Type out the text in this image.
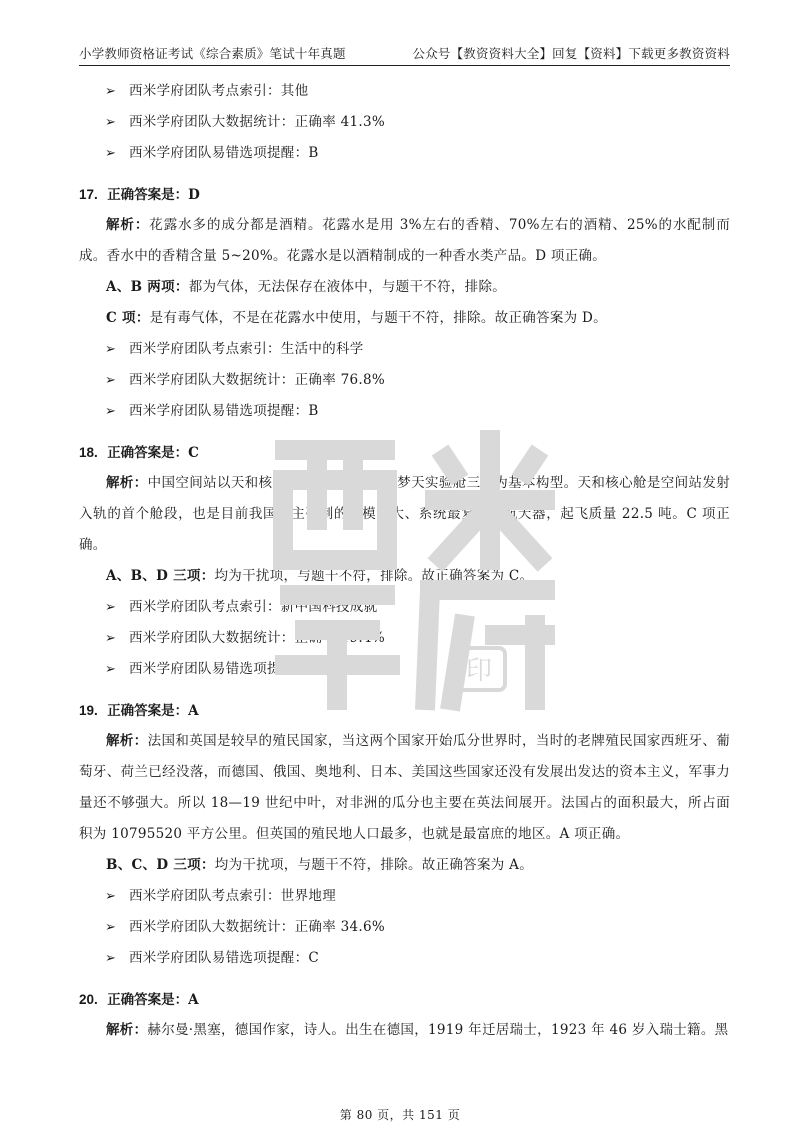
小学教师资格证考试《综合素质》笔试十年真题	公众号【教资资料大全】回复【资料】下载更多教资资料
➢ 西米学府团队考点索引：其他
➢ 西米学府团队大数据统计：正确率 41.3%
➢ 西米学府团队易错选项提醒：B
17. 正确答案是：D
解析：花露水多的成分都是酒精。花露水是用 3%左右的香精、70%左右的酒精、25%的水配制而成。香水中的香精含量 5~20%。花露水是以酒精制成的一种香水类产品。D 项正确。
A、B 两项：都为气体，无法保存在液体中，与题干不符，排除。
C 项：是有毒气体，不是在花露水中使用，与题干不符，排除。故正确答案为 D。
➢ 西米学府团队考点索引：生活中的科学
➢ 西米学府团队大数据统计：正确率 76.8%
➢ 西米学府团队易错选项提醒：B
18. 正确答案是：C
解析：中国空间站以天和核心舱、问天实验舱、梦天实验舱三舱为基本构型。天和核心舱是空间站发射入轨的首个舱段，也是目前我国自主研制的规模最大、系统最复杂的航天器，起飞质量 22.5 吨。C 项正确。
A、B、D 三项：均为干扰项，与题干不符，排除。故正确答案为 C。
➢ 西米学府团队考点索引：新中国科技成就
➢ 西米学府团队大数据统计：正确率 19.4%
➢ 西米学府团队易错选项提醒：A
19. 正确答案是：A
解析：法国和英国是较早的殖民国家，当这两个国家开始瓜分世界时，当时的老牌殖民国家西班牙、葡萄牙、荷兰已经没落，而德国、俄国、奥地利、日本、美国这些国家还没有发展出发达的资本主义，军事力量还不够强大。所以 18—19 世纪中叶，对非洲的瓜分也主要在英法间展开。法国占的面积最大，所占面积为 10795520 平方公里。但英国的殖民地人口最多，也就是最富庶的地区。A 项正确。
B、C、D 三项：均为干扰项，与题干不符，排除。故正确答案为 A。
➢ 西米学府团队考点索引：世界地理
➢ 西米学府团队大数据统计：正确率 34.6%
➢ 西米学府团队易错选项提醒：C
20. 正确答案是：A
解析：赫尔曼·黑塞，德国作家，诗人。出生在德国，1919 年迁居瑞士，1923 年 46 岁入瑞士籍。黑
印
第 80 页，共 151 页
